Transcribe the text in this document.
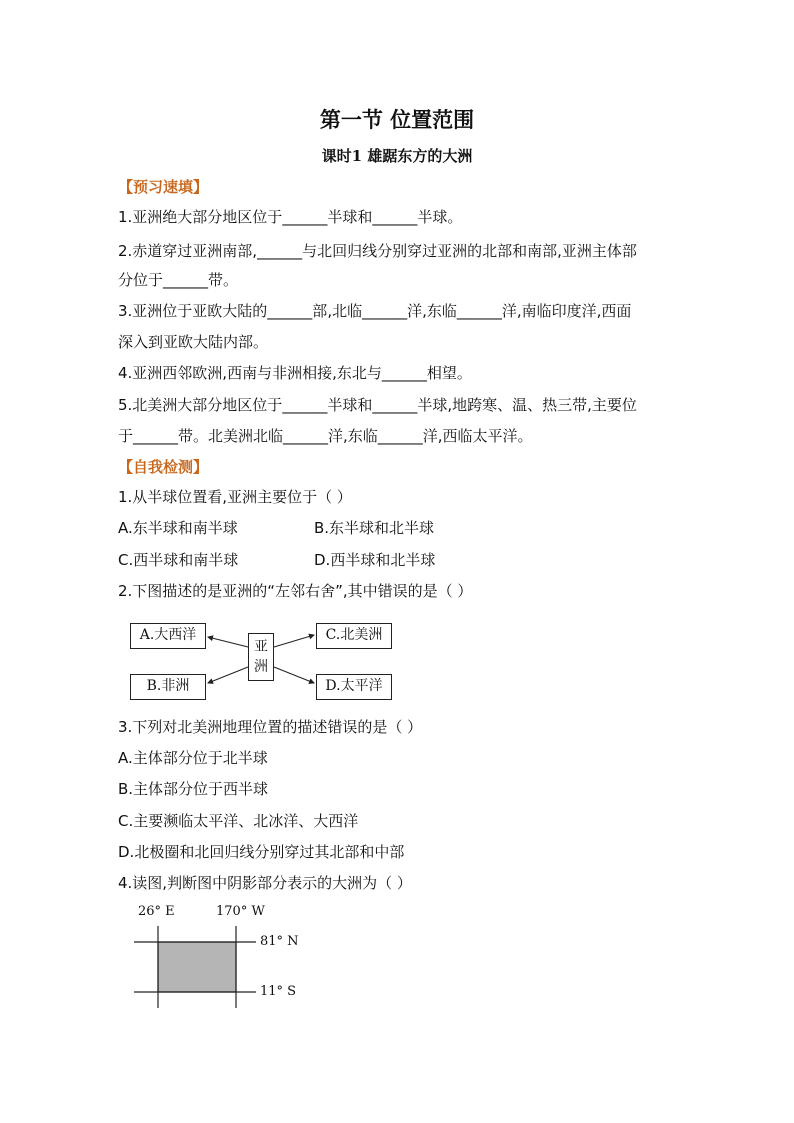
第一节 位置范围
课时1 雄踞东方的大洲
【预习速填】
1.亚洲绝大部分地区位于______半球和______半球。
2.赤道穿过亚洲南部,______与北回归线分别穿过亚洲的北部和南部,亚洲主体部
分位于______带。
3.亚洲位于亚欧大陆的______部,北临______洋,东临______洋,南临印度洋,西面
深入到亚欧大陆内部。
4.亚洲西邻欧洲,西南与非洲相接,东北与______相望。
5.北美洲大部分地区位于______半球和______半球,地跨寒、温、热三带,主要位
于______带。北美洲北临______洋,东临______洋,西临太平洋。
【自我检测】
1.从半球位置看,亚洲主要位于（ ）
A.东半球和南半球	B.东半球和北半球
C.西半球和南半球	D.西半球和北半球
2.下图描述的是亚洲的“左邻右舍”,其中错误的是（ ）
A.大西洋	C.北美洲
B.非洲	D.太平洋
亚洲
3.下列对北美洲地理位置的描述错误的是（ ）
A.主体部分位于北半球
B.主体部分位于西半球
C.主要濒临太平洋、北冰洋、大西洋
D.北极圈和北回归线分别穿过其北部和中部
4.读图,判断图中阴影部分表示的大洲为（ ）
26° E	170° W
81° N
11° S
